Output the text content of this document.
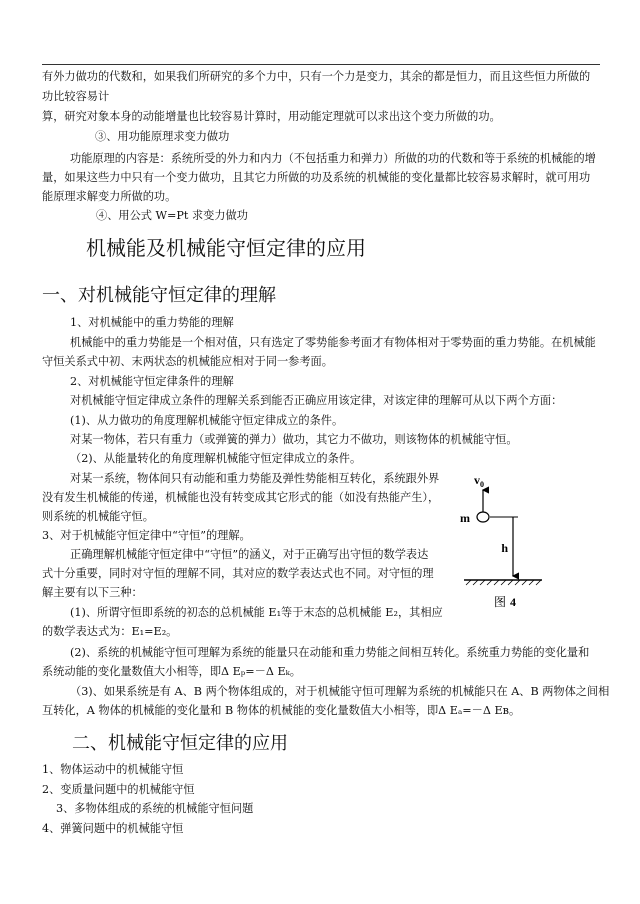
有外力做功的代数和，如果我们所研究的多个力中，只有一个力是变力，其余的都是恒力，而且这些恒力所做的
功比较容易计
算，研究对象本身的动能增量也比较容易计算时，用动能定理就可以求出这个变力所做的功。
③、用功能原理求变力做功
功能原理的内容是：系统所受的外力和内力（不包括重力和弹力）所做的功的代数和等于系统的机械能的增
量，如果这些力中只有一个变力做功，且其它力所做的功及系统的机械能的变化量都比较容易求解时，就可用功
能原理求解变力所做的功。
④、用公式 W=Pt 求变力做功
机械能及机械能守恒定律的应用
一、对机械能守恒定律的理解
1、对机械能中的重力势能的理解
机械能中的重力势能是一个相对值，只有选定了零势能参考面才有物体相对于零势面的重力势能。在机械能
守恒关系式中初、末两状态的机械能应相对于同一参考面。
2、对机械能守恒定律条件的理解
对机械能守恒定律成立条件的理解关系到能否正确应用该定律，对该定律的理解可从以下两个方面：
(1)、从力做功的角度理解机械能守恒定律成立的条件。
对某一物体，若只有重力（或弹簧的弹力）做功，其它力不做功，则该物体的机械能守恒。
（2)、从能量转化的角度理解机械能守恒定律成立的条件。
对某一系统，物体间只有动能和重力势能及弹性势能相互转化，系统跟外界
没有发生机械能的传递，机械能也没有转变成其它形式的能（如没有热能产生），
则系统的机械能守恒。
3、对于机械能守恒定律中“守恒”的理解。
正确理解机械能守恒定律中“守恒”的涵义，对于正确写出守恒的数学表达
式十分重要，同时对守恒的理解不同，其对应的数学表达式也不同。对守恒的理
解主要有以下三种：
(1)、所谓守恒即系统的初态的总机械能 E₁等于末态的总机械能 E₂，其相应
的数学表达式为：E₁=E₂。
(2)、系统的机械能守恒可理解为系统的能量只在动能和重力势能之间相互转化。系统重力势能的变化量和
系统动能的变化量数值大小相等，即Δ Eₚ=－Δ Eₖ。
（3)、如果系统是有 A、B 两个物体组成的，对于机械能守恒可理解为系统的机械能只在 A、B 两物体之间相
互转化，A 物体的机械能的变化量和 B 物体的机械能的变化量数值大小相等，即Δ Eₐ=－Δ Eʙ。
二、机械能守恒定律的应用
1、物体运动中的机械能守恒
2、变质量问题中的机械能守恒
3、多物体组成的系统的机械能守恒问题
4、弹簧问题中的机械能守恒
$v_0$
m
h
图 4
